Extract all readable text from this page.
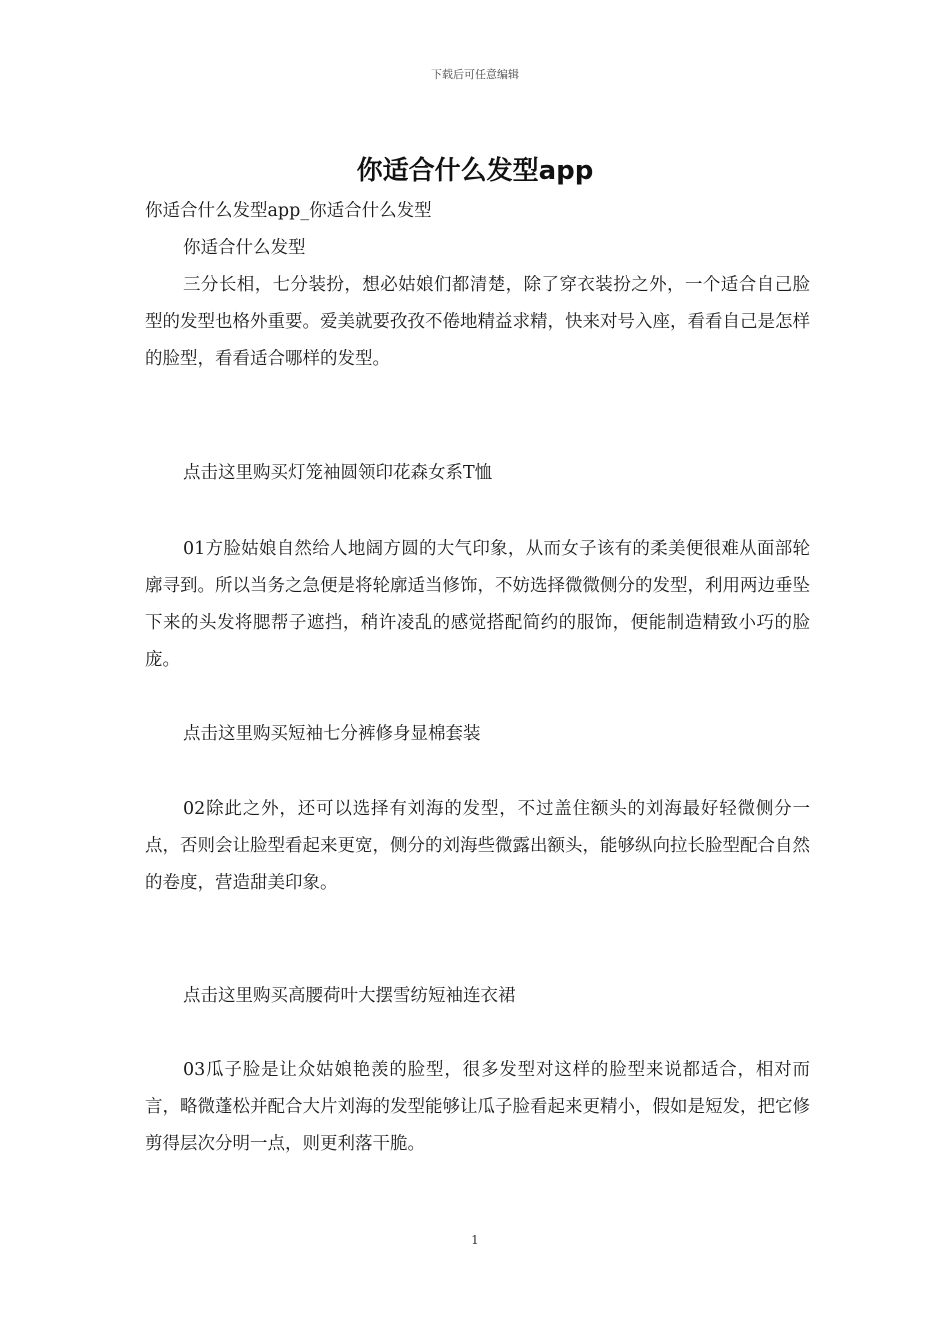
下载后可任意编辑
你适合什么发型app
你适合什么发型app_你适合什么发型
你适合什么发型
三分长相，七分装扮，想必姑娘们都清楚，除了穿衣装扮之外，一个适合自己脸型的发型也格外重要。爱美就要孜孜不倦地精益求精，快来对号入座，看看自己是怎样的脸型，看看适合哪样的发型。
点击这里购买灯笼袖圆领印花森女系T恤
01方脸姑娘自然给人地阔方圆的大气印象，从而女子该有的柔美便很难从面部轮廓寻到。所以当务之急便是将轮廓适当修饰，不妨选择微微侧分的发型，利用两边垂坠下来的头发将腮帮子遮挡，稍许凌乱的感觉搭配简约的服饰，便能制造精致小巧的脸庞。
点击这里购买短袖七分裤修身显棉套装
02除此之外，还可以选择有刘海的发型，不过盖住额头的刘海最好轻微侧分一点，否则会让脸型看起来更宽，侧分的刘海些微露出额头，能够纵向拉长脸型配合自然的卷度，营造甜美印象。
点击这里购买高腰荷叶大摆雪纺短袖连衣裙
03瓜子脸是让众姑娘艳羡的脸型，很多发型对这样的脸型来说都适合，相对而言，略微蓬松并配合大片刘海的发型能够让瓜子脸看起来更精小，假如是短发，把它修剪得层次分明一点，则更利落干脆。
1
